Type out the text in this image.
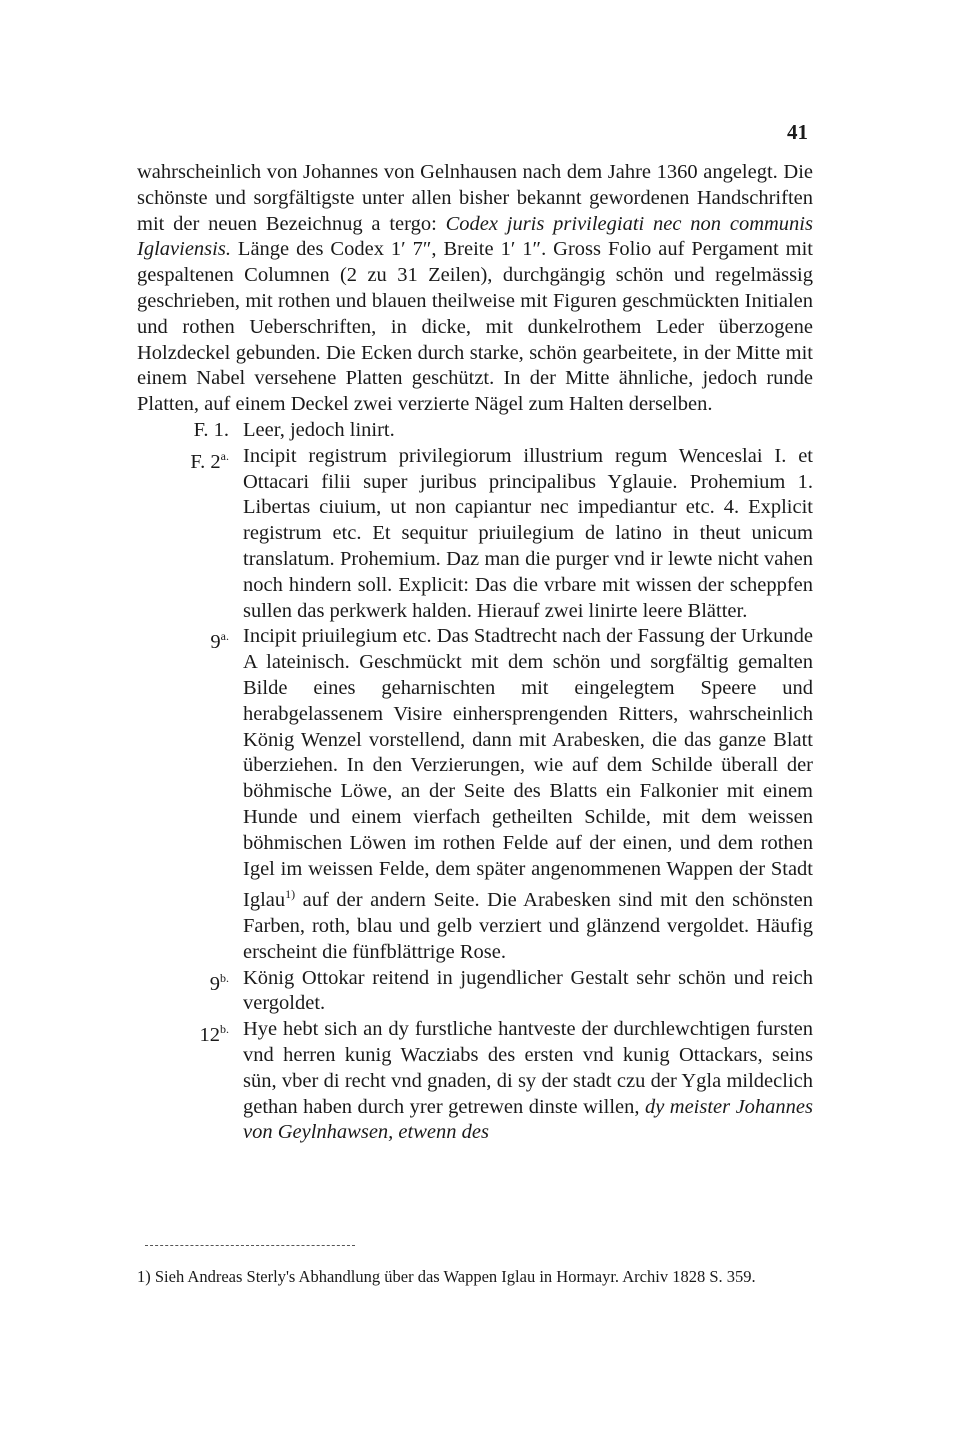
41

wahrscheinlich von Johannes von Gelnhausen nach dem Jahre 1360 angelegt. Die schönste und sorgfältigste unter allen bisher bekannt gewordenen Handschriften mit der neuen Bezeichnug a tergo: Codex juris privilegiati nec non communis Iglaviensis. Länge des Codex 1′ 7″, Breite 1′ 1″. Gross Folio auf Pergament mit gespaltenen Columnen (2 zu 31 Zeilen), durchgängig schön und regelmässig geschrieben, mit rothen und blauen theilweise mit Figuren geschmückten Initialen und rothen Ueberschriften, in dicke, mit dunkelrothem Leder überzogene Holzdeckel gebunden. Die Ecken durch starke, schön gearbeitete, in der Mitte mit einem Nabel versehene Platten geschützt. In der Mitte ähnliche, jedoch runde Platten, auf einem Deckel zwei verzierte Nägel zum Halten derselben.

F. 1. Leer, jedoch linirt.
F. $2^{a.}$ Incipit registrum privilegiorum illustrium regum Wenceslai I. et Ottacari filii super juribus principalibus Yglauie. Prohemium 1. Libertas ciuium, ut non capiantur nec impediantur etc. 4. Explicit registrum etc. Et sequitur priuilegium de latino in theut unicum translatum. Prohemium. Daz man die purger vnd ir lewte nicht vahen noch hindern soll. Explicit: Das die vrbare mit wissen der scheppfen sullen das perkwerk halden. Hierauf zwei linirte leere Blätter.
$9^{a.}$ Incipit priuilegium etc. Das Stadtrecht nach der Fassung der Urkunde A lateinisch. Geschmückt mit dem schön und sorgfältig gemalten Bilde eines geharnischten mit eingelegtem Speere und herabgelassenem Visire einhersprengenden Ritters, wahrscheinlich König Wenzel vorstellend, dann mit Arabesken, die das ganze Blatt überziehen. In den Verzierungen, wie auf dem Schilde überall der böhmische Löwe, an der Seite des Blatts ein Falkonier mit einem Hunde und einem vierfach getheilten Schilde, mit dem weissen böhmischen Löwen im rothen Felde auf der einen, und dem rothen Igel im weissen Felde, dem später angenommenen Wappen der Stadt Iglau$^{1)}$ auf der andern Seite. Die Arabesken sind mit den schönsten Farben, roth, blau und gelb verziert und glänzend vergoldet. Häufig erscheint die fünfblättrige Rose.
$9^{b.}$ König Ottokar reitend in jugendlicher Gestalt sehr schön und reich vergoldet.
$12^{b.}$ Hye hebt sich an dy furstliche hantveste der durchlewchtigen fursten vnd herren kunig Wacziabs des ersten vnd kunig Ottackars, seins sün, vber di recht vnd gnaden, di sy der stadt czu der Ygla mildeclich gethan haben durch yrer getrewen dinste willen, dy meister Johannes von Geylnhawsen, etwenn des
1) Sieh Andreas Sterly's Abhandlung über das Wappen Iglau in Hormayr. Archiv 1828 S. 359.
